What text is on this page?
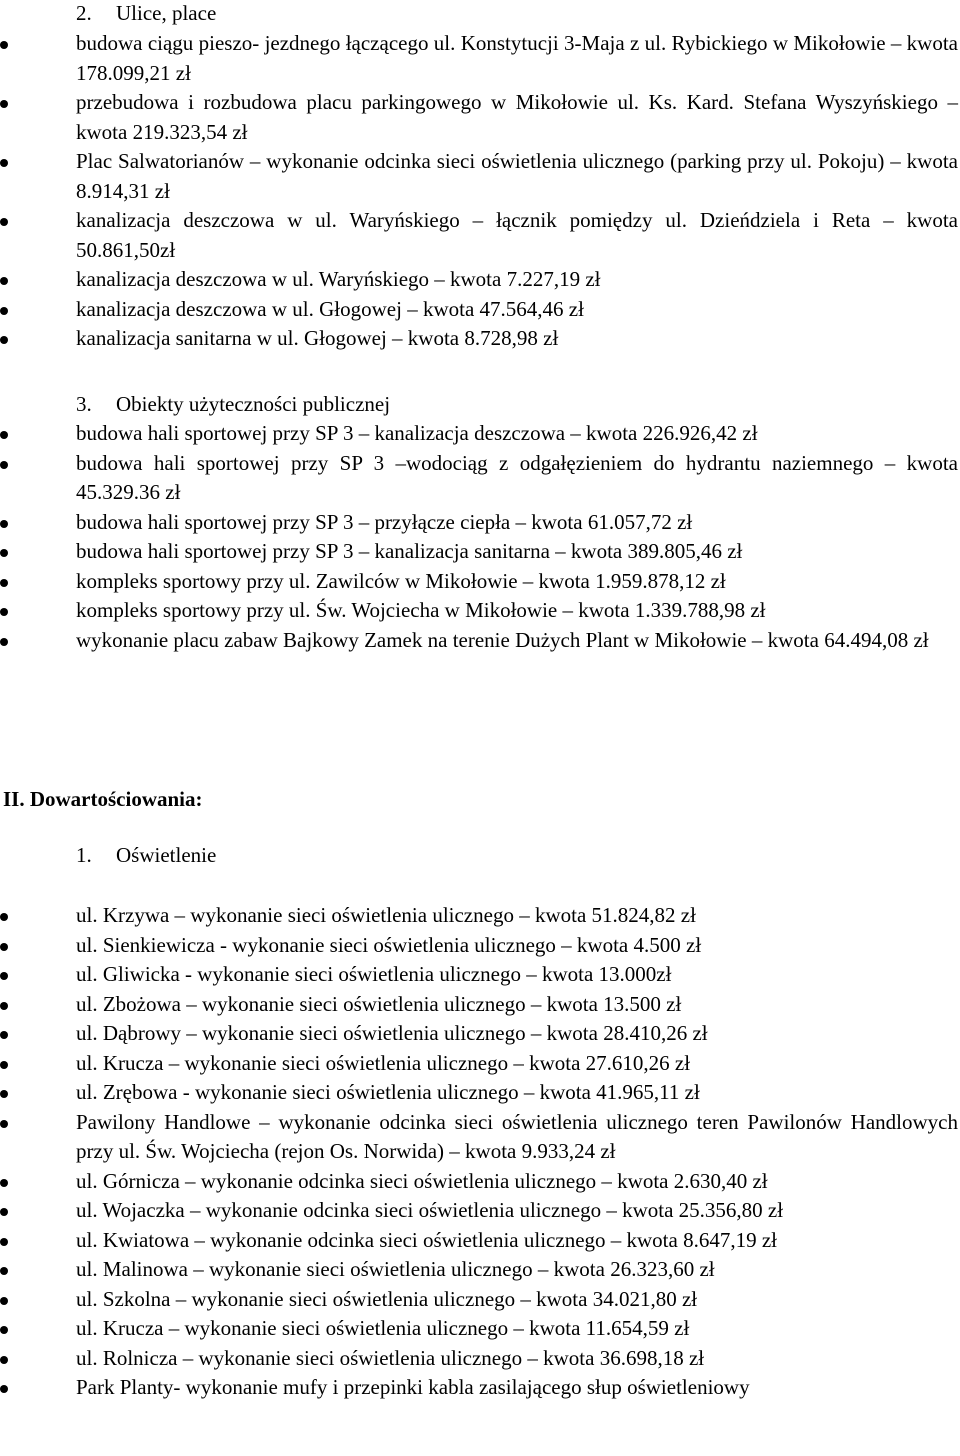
2. Ulice, place
budowa ciągu pieszo- jezdnego łączącego ul. Konstytucji 3-Maja z ul. Rybickiego w Mikołowie – kwota 178.099,21 zł
przebudowa i rozbudowa placu parkingowego w Mikołowie ul. Ks. Kard. Stefana Wyszyńskiego – kwota 219.323,54 zł
Plac Salwatorianów – wykonanie odcinka sieci oświetlenia ulicznego (parking przy ul. Pokoju) – kwota 8.914,31 zł
kanalizacja deszczowa w ul. Waryńskiego – łącznik pomiędzy ul. Dzieńdziela i Reta – kwota 50.861,50zł
kanalizacja deszczowa w ul. Waryńskiego – kwota 7.227,19 zł
kanalizacja deszczowa w ul. Głogowej – kwota 47.564,46 zł
kanalizacja sanitarna w ul. Głogowej – kwota 8.728,98 zł
3. Obiekty użyteczności publicznej
budowa hali sportowej przy SP 3 – kanalizacja deszczowa – kwota 226.926,42 zł
budowa hali sportowej przy SP 3 –wodociąg z odgałęzieniem do hydrantu naziemnego – kwota 45.329.36 zł
budowa hali sportowej przy SP 3 – przyłącze ciepła – kwota 61.057,72 zł
budowa hali sportowej przy SP 3 – kanalizacja sanitarna – kwota 389.805,46 zł
kompleks sportowy przy ul. Zawilców w Mikołowie – kwota 1.959.878,12 zł
kompleks sportowy przy ul. Św. Wojciecha w Mikołowie – kwota 1.339.788,98 zł
wykonanie placu zabaw Bajkowy Zamek na terenie Dużych Plant w Mikołowie – kwota 64.494,08 zł
II. Dowartościowania:
1. Oświetlenie
ul. Krzywa – wykonanie sieci oświetlenia ulicznego – kwota 51.824,82 zł
ul. Sienkiewicza - wykonanie sieci oświetlenia ulicznego – kwota 4.500 zł
ul. Gliwicka - wykonanie sieci oświetlenia ulicznego – kwota 13.000zł
ul. Zbożowa – wykonanie sieci oświetlenia ulicznego – kwota 13.500 zł
ul. Dąbrowy – wykonanie sieci oświetlenia ulicznego – kwota 28.410,26 zł
ul. Krucza – wykonanie sieci oświetlenia ulicznego – kwota 27.610,26 zł
ul. Zrębowa - wykonanie sieci oświetlenia ulicznego – kwota 41.965,11 zł
Pawilony Handlowe – wykonanie odcinka sieci oświetlenia ulicznego teren Pawilonów Handlowych przy ul. Św. Wojciecha (rejon Os. Norwida) – kwota 9.933,24 zł
ul. Górnicza – wykonanie odcinka sieci oświetlenia ulicznego – kwota 2.630,40 zł
ul. Wojaczka – wykonanie odcinka sieci oświetlenia ulicznego – kwota 25.356,80 zł
ul. Kwiatowa – wykonanie odcinka sieci oświetlenia ulicznego – kwota 8.647,19 zł
ul. Malinowa – wykonanie sieci oświetlenia ulicznego – kwota 26.323,60 zł
ul. Szkolna – wykonanie sieci oświetlenia ulicznego – kwota 34.021,80 zł
ul. Krucza – wykonanie sieci oświetlenia ulicznego – kwota 11.654,59 zł
ul. Rolnicza – wykonanie sieci oświetlenia ulicznego – kwota 36.698,18 zł
Park Planty- wykonanie mufy i przepinki kabla zasilającego słup oświetleniowy
